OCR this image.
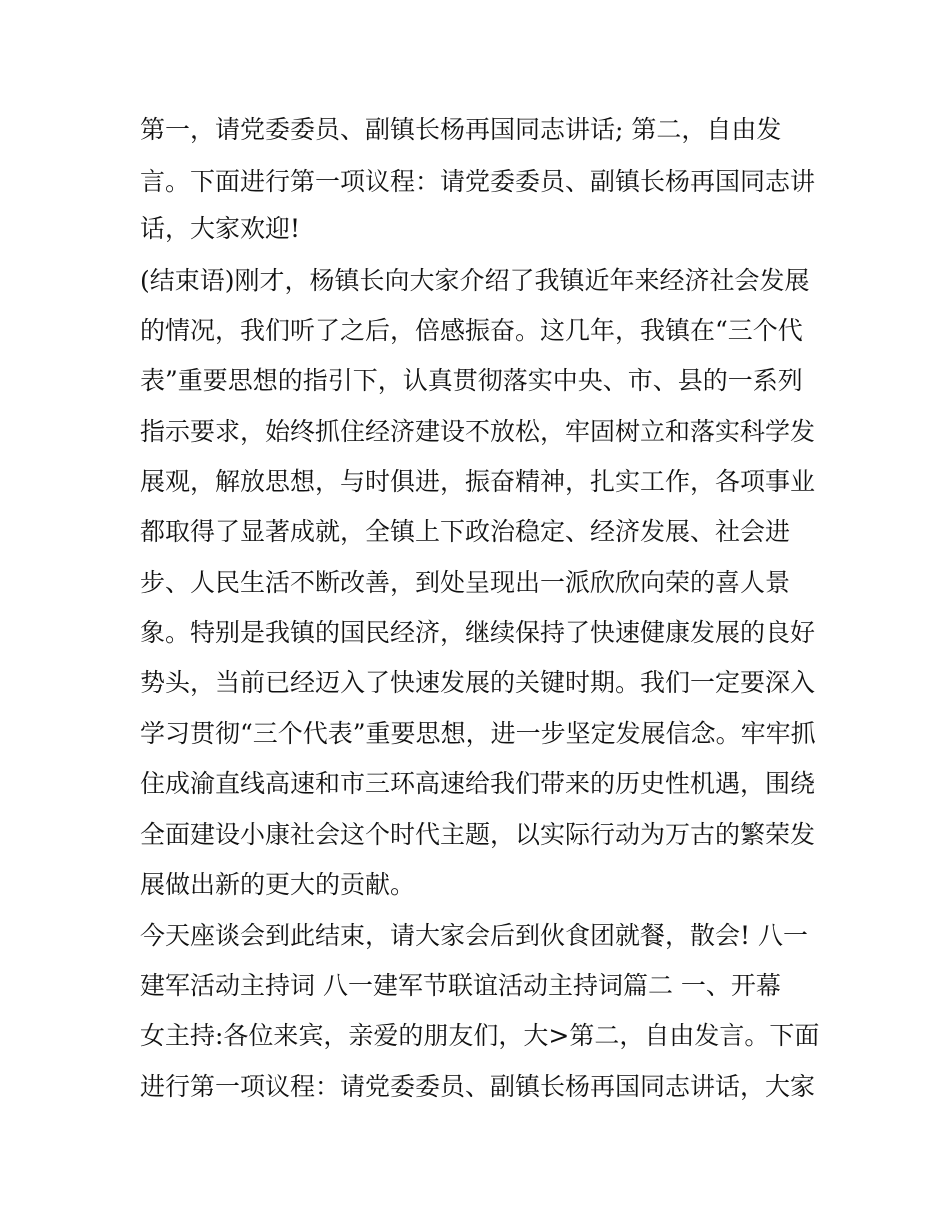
第一，请党委委员、副镇长杨再国同志讲话; 第二，自由发
言。下面进行第一项议程：请党委委员、副镇长杨再国同志讲
话，大家欢迎!
(结束语)刚才，杨镇长向大家介绍了我镇近年来经济社会发展
的情况，我们听了之后，倍感振奋。这几年，我镇在“三个代
表”重要思想的指引下，认真贯彻落实中央、市、县的一系列
指示要求，始终抓住经济建设不放松，牢固树立和落实科学发
展观，解放思想，与时俱进，振奋精神，扎实工作，各项事业
都取得了显著成就，全镇上下政治稳定、经济发展、社会进
步、人民生活不断改善，到处呈现出一派欣欣向荣的喜人景
象。特别是我镇的国民经济，继续保持了快速健康发展的良好
势头，当前已经迈入了快速发展的关键时期。我们一定要深入
学习贯彻“三个代表”重要思想，进一步坚定发展信念。牢牢抓
住成渝直线高速和市三环高速给我们带来的历史性机遇，围绕
全面建设小康社会这个时代主题，以实际行动为万古的繁荣发
展做出新的更大的贡献。
今天座谈会到此结束，请大家会后到伙食团就餐，散会! 八一
建军活动主持词 八一建军节联谊活动主持词篇二 一、开幕
女主持:各位来宾，亲爱的朋友们，大>第二，自由发言。下面
进行第一项议程：请党委委员、副镇长杨再国同志讲话，大家
